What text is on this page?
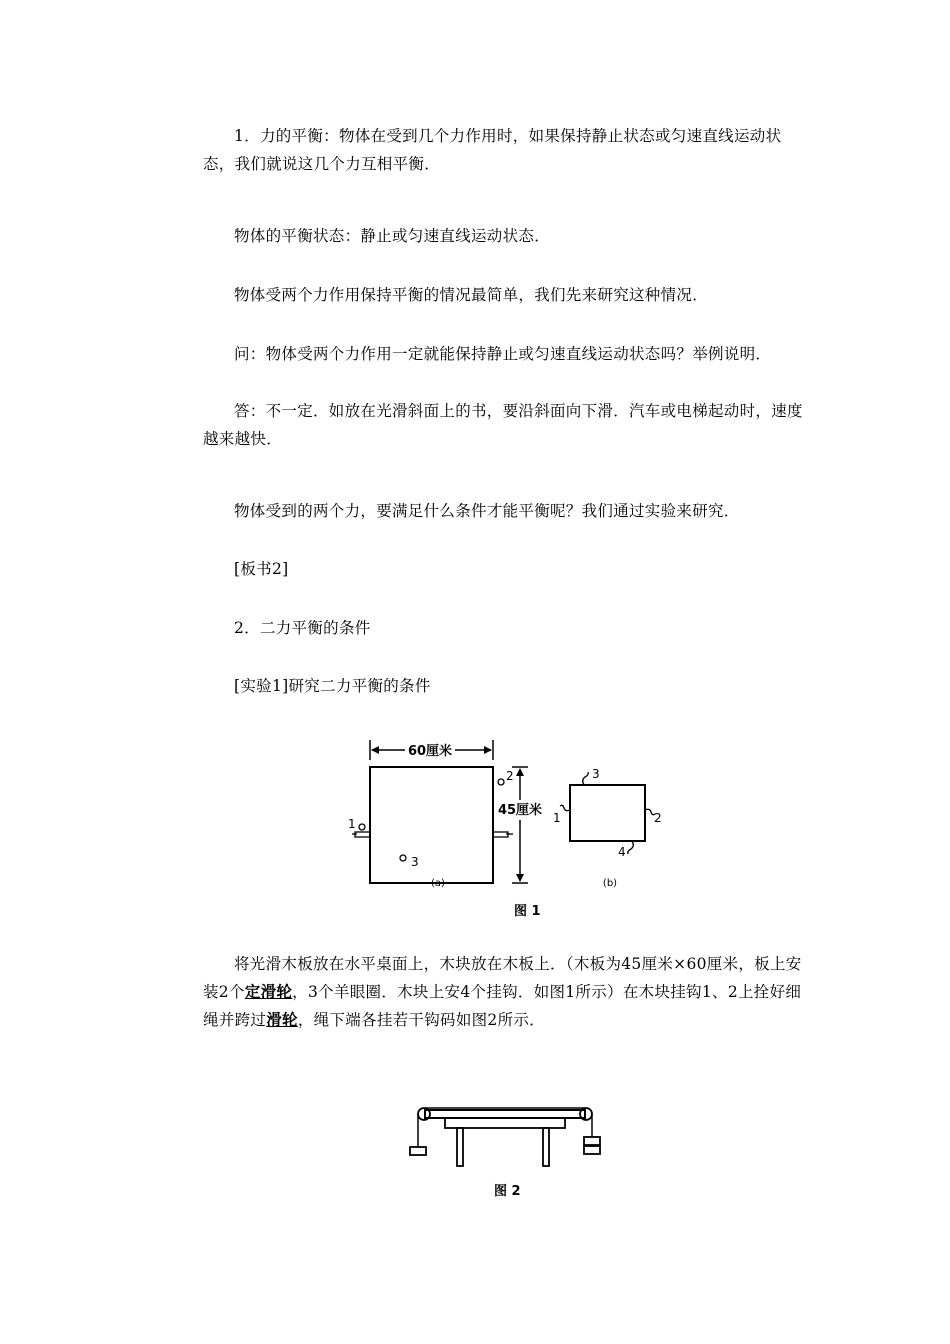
1．力的平衡：物体在受到几个力作用时，如果保持静止状态或匀速直线运动状态，我们就说这几个力互相平衡．

物体的平衡状态：静止或匀速直线运动状态．

物体受两个力作用保持平衡的情况最简单，我们先来研究这种情况．

问：物体受两个力作用一定就能保持静止或匀速直线运动状态吗？举例说明．

答：不一定．如放在光滑斜面上的书，要沿斜面向下滑．汽车或电梯起动时，速度越来越快．

物体受到的两个力，要满足什么条件才能平衡呢？我们通过实验来研究．

[板书2]

2．二力平衡的条件

[实验1]研究二力平衡的条件

60厘米
45厘米
2
3
1
(a)
3
1	2
4
(b)
图 1

将光滑木板放在水平桌面上，木块放在木板上．（木板为45厘米×60厘米，板上安装2个定滑轮，3个羊眼圈．木块上安4个挂钩．如图1所示）在木块挂钩1、2上拴好细绳并跨过滑轮，绳下端各挂若干钩码如图2所示．

图 2
